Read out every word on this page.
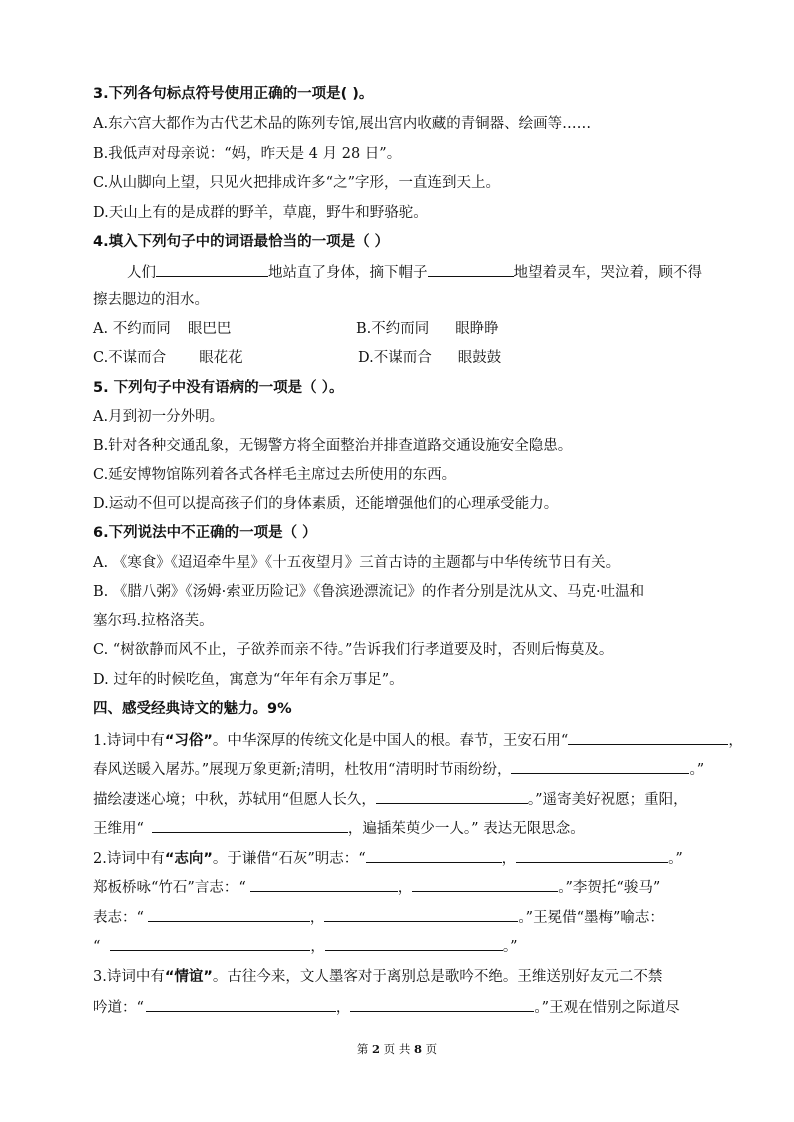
3.下列各句标点符号使用正确的一项是( )。
A.东六宫大都作为古代艺术品的陈列专馆,展出宫内收藏的青铜器、绘画等……
B.我低声对母亲说：“妈，昨天是 4 月 28 日”。
C.从山脚向上望，只见火把排成许多“之”字形，一直连到天上。
D.天山上有的是成群的野羊，草鹿，野牛和野骆驼。
4.填入下列句子中的词语最恰当的一项是（ ）
人们	地站直了身体，摘下帽子	地望着灵车，哭泣着，顾不得
擦去腮边的泪水。
A. 不约而同 眼巴巴	B.不约而同 眼睁睁
C.不谋而合 眼花花	D.不谋而合 眼鼓鼓
5. 下列句子中没有语病的一项是（ ）。
A.月到初一分外明。
B.针对各种交通乱象，无锡警方将全面整治并排查道路交通设施安全隐患。
C.延安博物馆陈列着各式各样毛主席过去所使用的东西。
D.运动不但可以提高孩子们的身体素质，还能增强他们的心理承受能力。
6.下列说法中不正确的一项是（ ）
A. 《寒食》《迢迢牵牛星》《十五夜望月》三首古诗的主题都与中华传统节日有关。
B. 《腊八粥》《汤姆·索亚历险记》《鲁滨逊漂流记》的作者分别是沈从文、马克·吐温和
塞尔玛.拉格洛芙。
C. “树欲静而风不止，子欲养而亲不待。”告诉我们行孝道要及时，否则后悔莫及。
D. 过年的时候吃鱼，寓意为“年年有余万事足”。
四、感受经典诗文的魅力。9%
1.诗词中有“习俗”。中华深厚的传统文化是中国人的根。春节，王安石用“	，
春风送暖入屠苏。”展现万象更新;清明，杜牧用“清明时节雨纷纷，	。”
描绘凄迷心境；中秋，苏轼用“但愿人长久，	。”遥寄美好祝愿；重阳，
王维用“	，遍插茱萸少一人。” 表达无限思念。
2.诗词中有“志向”。于谦借“石灰”明志：“	，	。”
郑板桥咏“竹石”言志：“	，	。”李贺托“骏马”
表志：“	，	。”王冕借“墨梅”喻志：
“	，	。”
3.诗词中有“情谊”。古往今来，文人墨客对于离别总是歌吟不绝。王维送别好友元二不禁
吟道：“	，	。”王观在惜别之际道尽
第 2 页 共 8 页
